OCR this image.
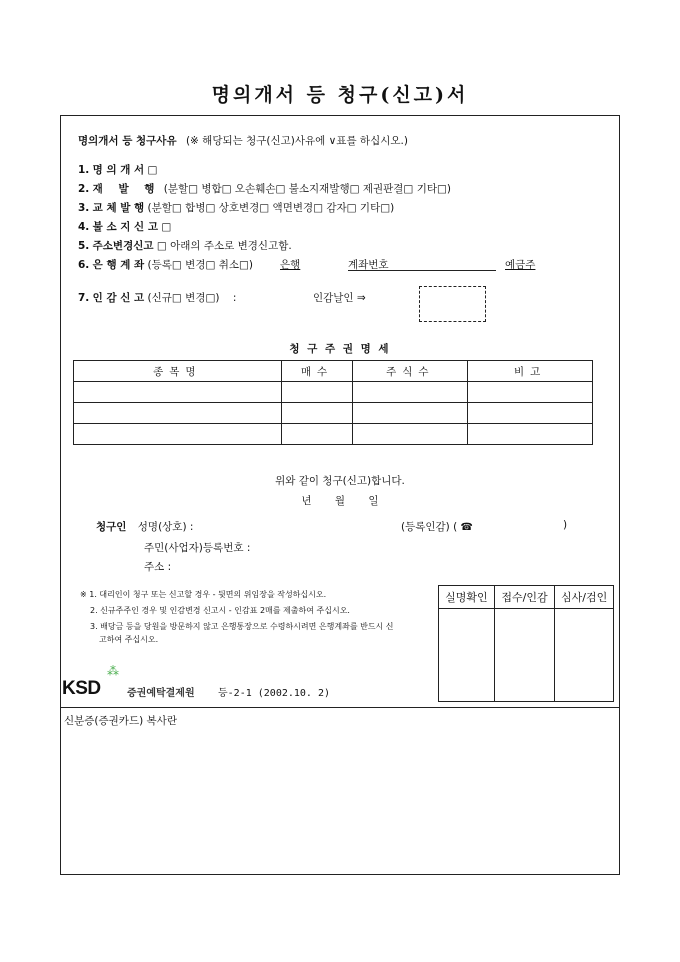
명의개서 등 청구(신고)서
명의개서 등 청구사유 (※ 해당되는 청구(신고)사유에 ∨표를 하십시오.)
1. 명 의 개 서 □
2. 재 발 행 (분할□ 병합□ 오손훼손□ 불소지재발행□ 제권판결□ 기타□)
3. 교 체 발 행 (분할□ 합병□ 상호변경□ 액면변경□ 감자□ 기타□)
4. 불 소 지 신 고 □
5. 주소변경신고 □ 아래의 주소로 변경신고함.
6. 은 행 계 좌 (등록□ 변경□ 취소□)	은행	계좌번호	예금주
7. 인 감 신 고 (신규□ 변경□) :	인감날인 ⇒
청 구 주 권 명 세
종목명	매수	주식수	비고

위와 같이 청구(신고)합니다.
년       월       일
청구인 성명(상호) :	(등록인감) ( ☎	)
주민(사업자)등록번호 :
주소 :
※ 1. 대리인이 청구 또는 신고할 경우 - 뒷면의 위임장을 작성하십시오.
2. 신규주주인 경우 및 인감변경 신고시 - 인감표 2매를 제출하여 주십시오.
3. 배당금 등을 당원을 방문하지 않고 은행통장으로 수령하시려면 은행계좌를 반드시 신
고하여 주십시오.
실명확인	접수/인감	심사/검인

⁂
KSD	증권예탁결제원 등-2-1 (2002.10. 2)
신분증(증권카드) 복사란
